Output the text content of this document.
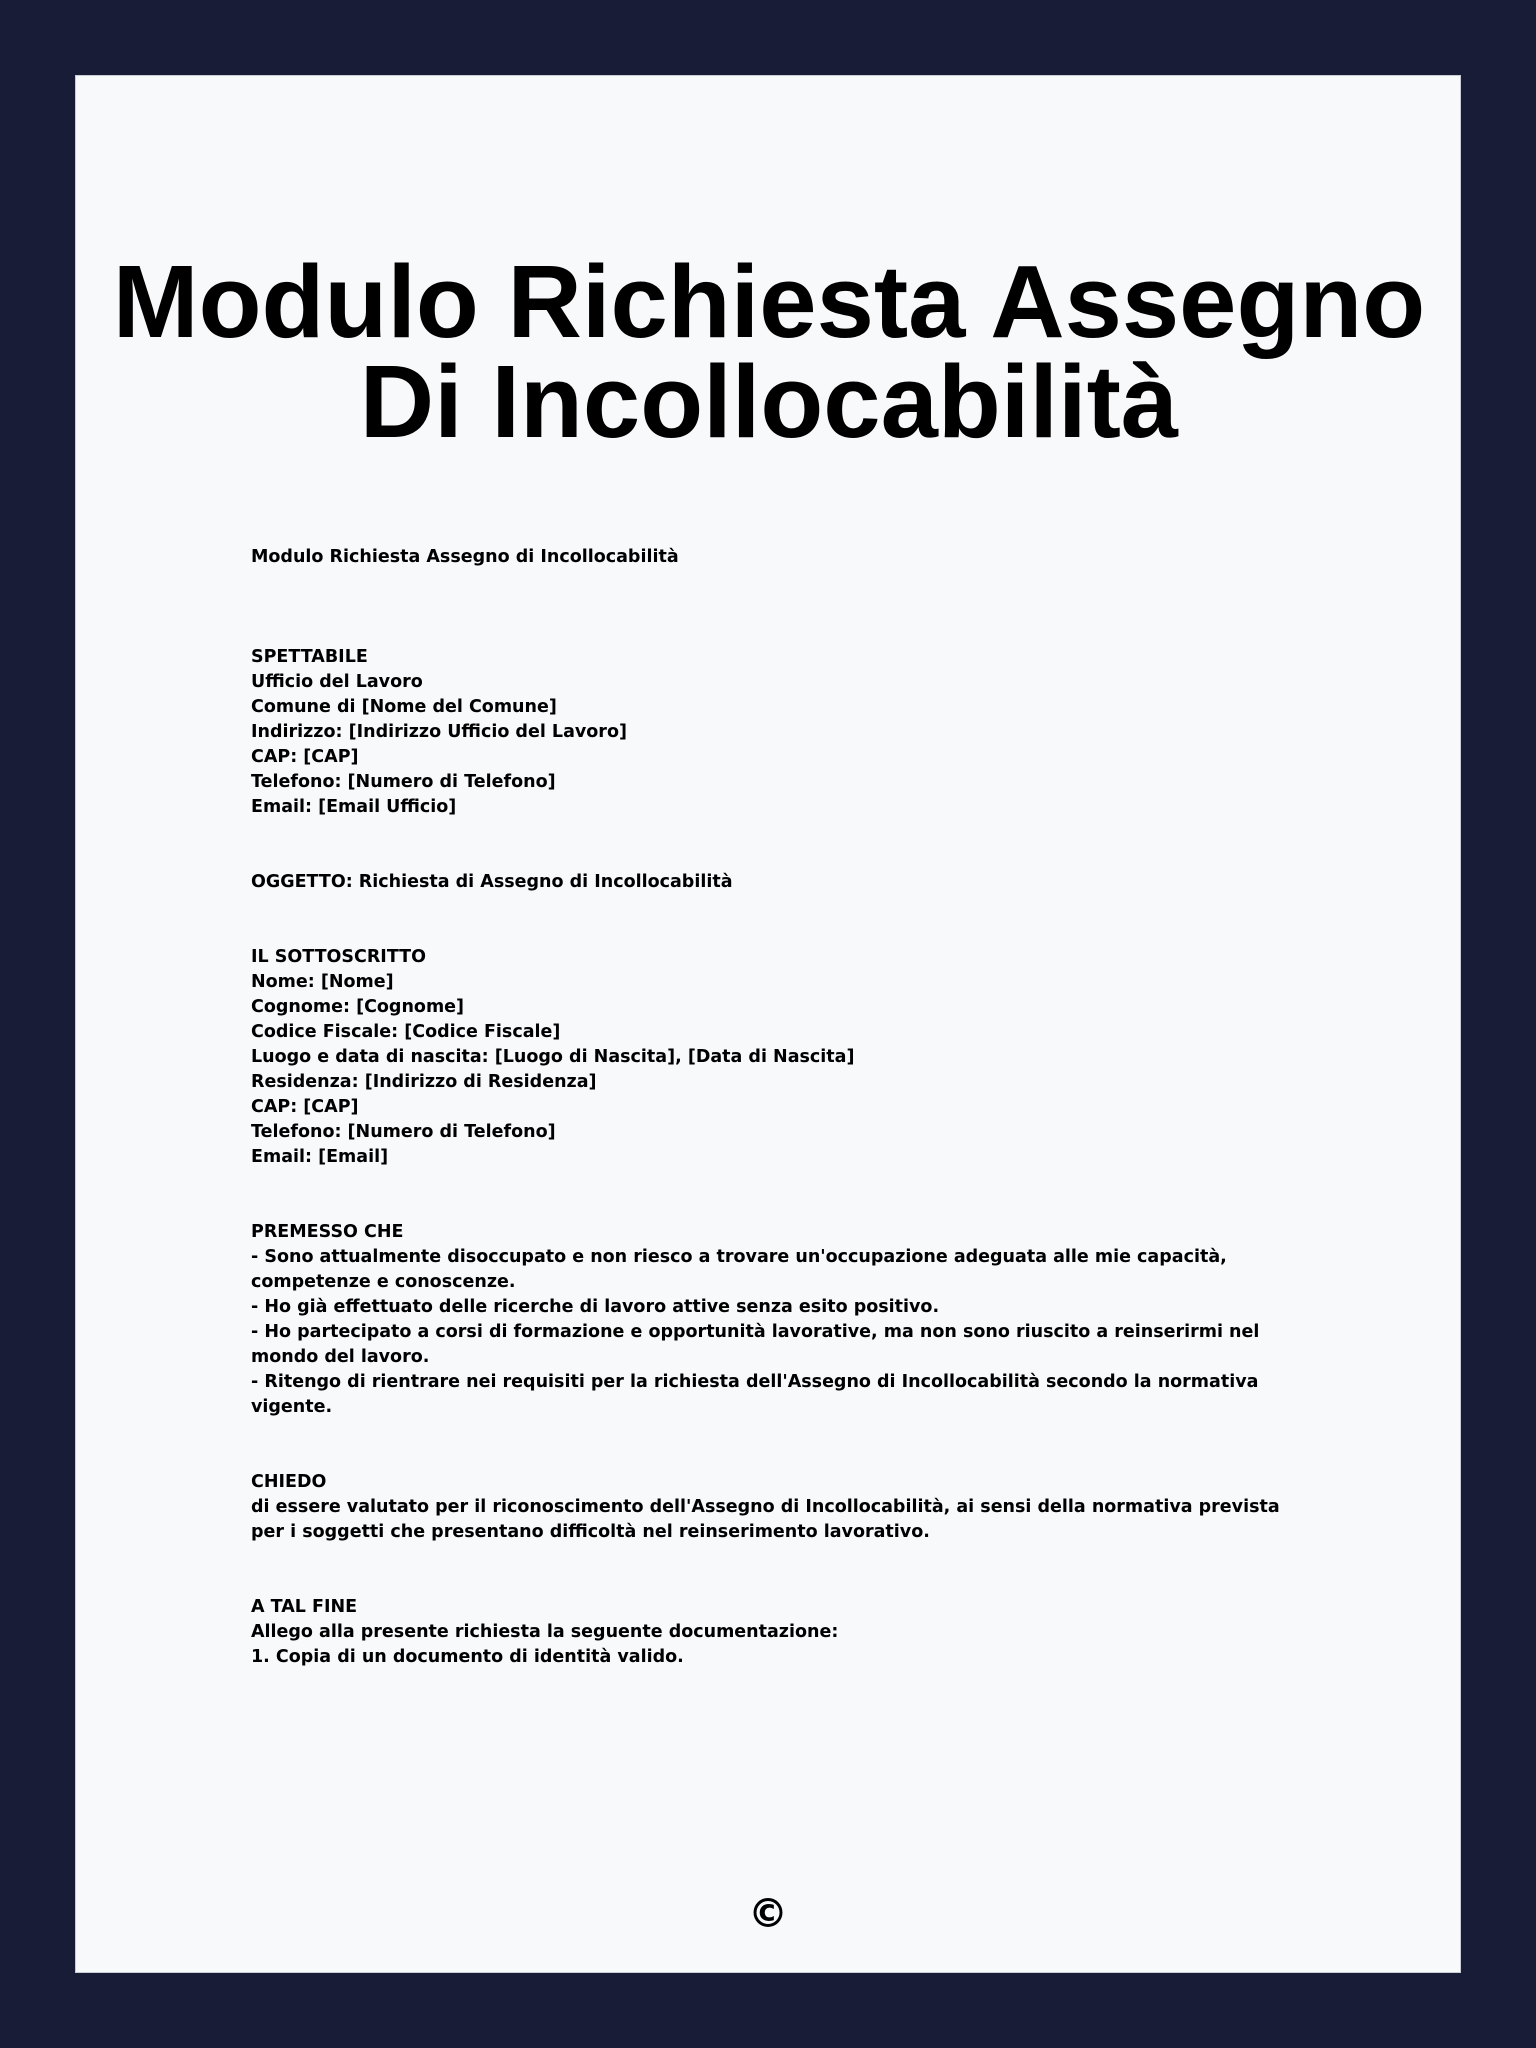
Modulo Richiesta Assegno Di Incollocabilità
Modulo Richiesta Assegno di Incollocabilità
SPETTABILE
Ufficio del Lavoro
Comune di [Nome del Comune]
Indirizzo: [Indirizzo Ufficio del Lavoro]
CAP: [CAP]
Telefono: [Numero di Telefono]
Email: [Email Ufficio]
OGGETTO: Richiesta di Assegno di Incollocabilità
IL SOTTOSCRITTO
Nome: [Nome]
Cognome: [Cognome]
Codice Fiscale: [Codice Fiscale]
Luogo e data di nascita: [Luogo di Nascita], [Data di Nascita]
Residenza: [Indirizzo di Residenza]
CAP: [CAP]
Telefono: [Numero di Telefono]
Email: [Email]
PREMESSO CHE
- Sono attualmente disoccupato e non riesco a trovare un'occupazione adeguata alle mie capacità, competenze e conoscenze.
- Ho già effettuato delle ricerche di lavoro attive senza esito positivo.
- Ho partecipato a corsi di formazione e opportunità lavorative, ma non sono riuscito a reinserirmi nel mondo del lavoro.
- Ritengo di rientrare nei requisiti per la richiesta dell'Assegno di Incollocabilità secondo la normativa vigente.
CHIEDO
di essere valutato per il riconoscimento dell'Assegno di Incollocabilità, ai sensi della normativa prevista per i soggetti che presentano difficoltà nel reinserimento lavorativo.
A TAL FINE
Allego alla presente richiesta la seguente documentazione:
1. Copia di un documento di identità valido.
©
